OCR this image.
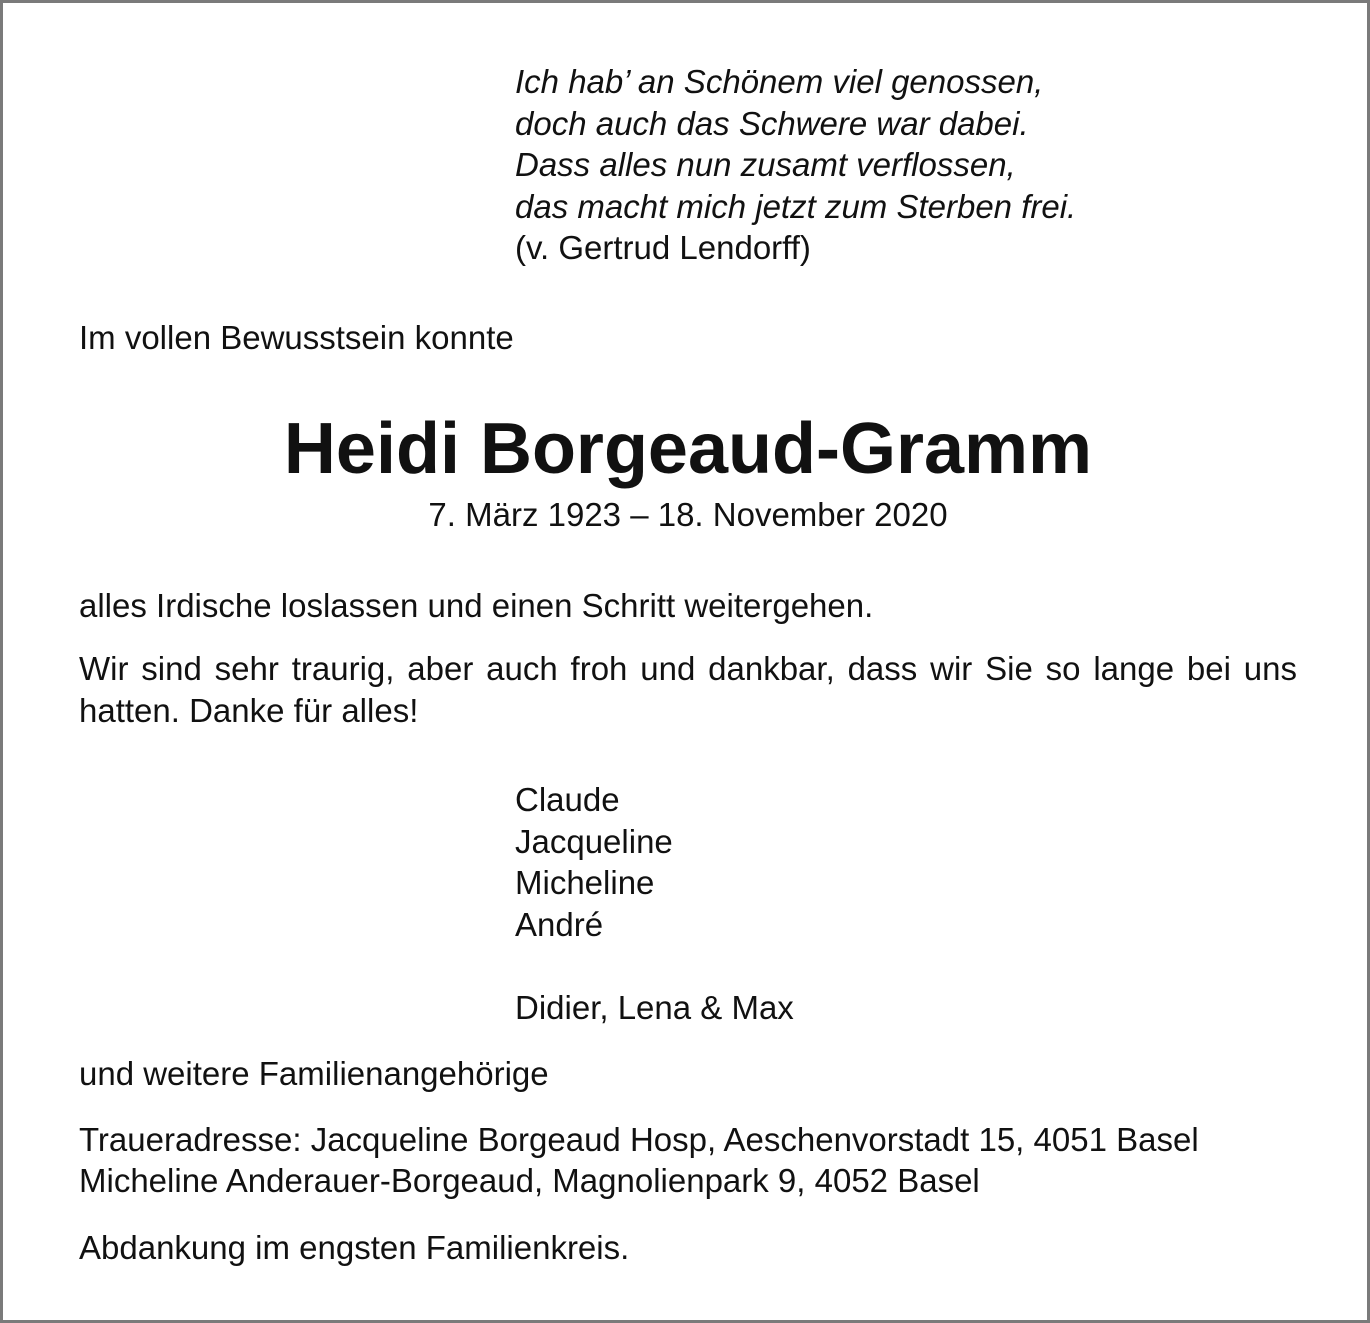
Ich hab’ an Schönem viel genossen,
doch auch das Schwere war dabei.
Dass alles nun zusamt verflossen,
das macht mich jetzt zum Sterben frei.
(v. Gertrud Lendorff)

Im vollen Bewusstsein konnte

Heidi Borgeaud-Gramm

7. März 1923 – 18. November 2020

alles Irdische loslassen und einen Schritt weitergehen.

Wir sind sehr traurig, aber auch froh und dankbar, dass wir Sie so lange bei uns hatten. Danke für alles!

Claude
Jacqueline
Micheline
André
Didier, Lena & Max

und weitere Familienangehörige

Traueradresse: Jacqueline Borgeaud Hosp, Aeschenvorstadt 15, 4051 Basel

Micheline Anderauer-Borgeaud, Magnolienpark 9, 4052 Basel

Abdankung im engsten Familienkreis.
